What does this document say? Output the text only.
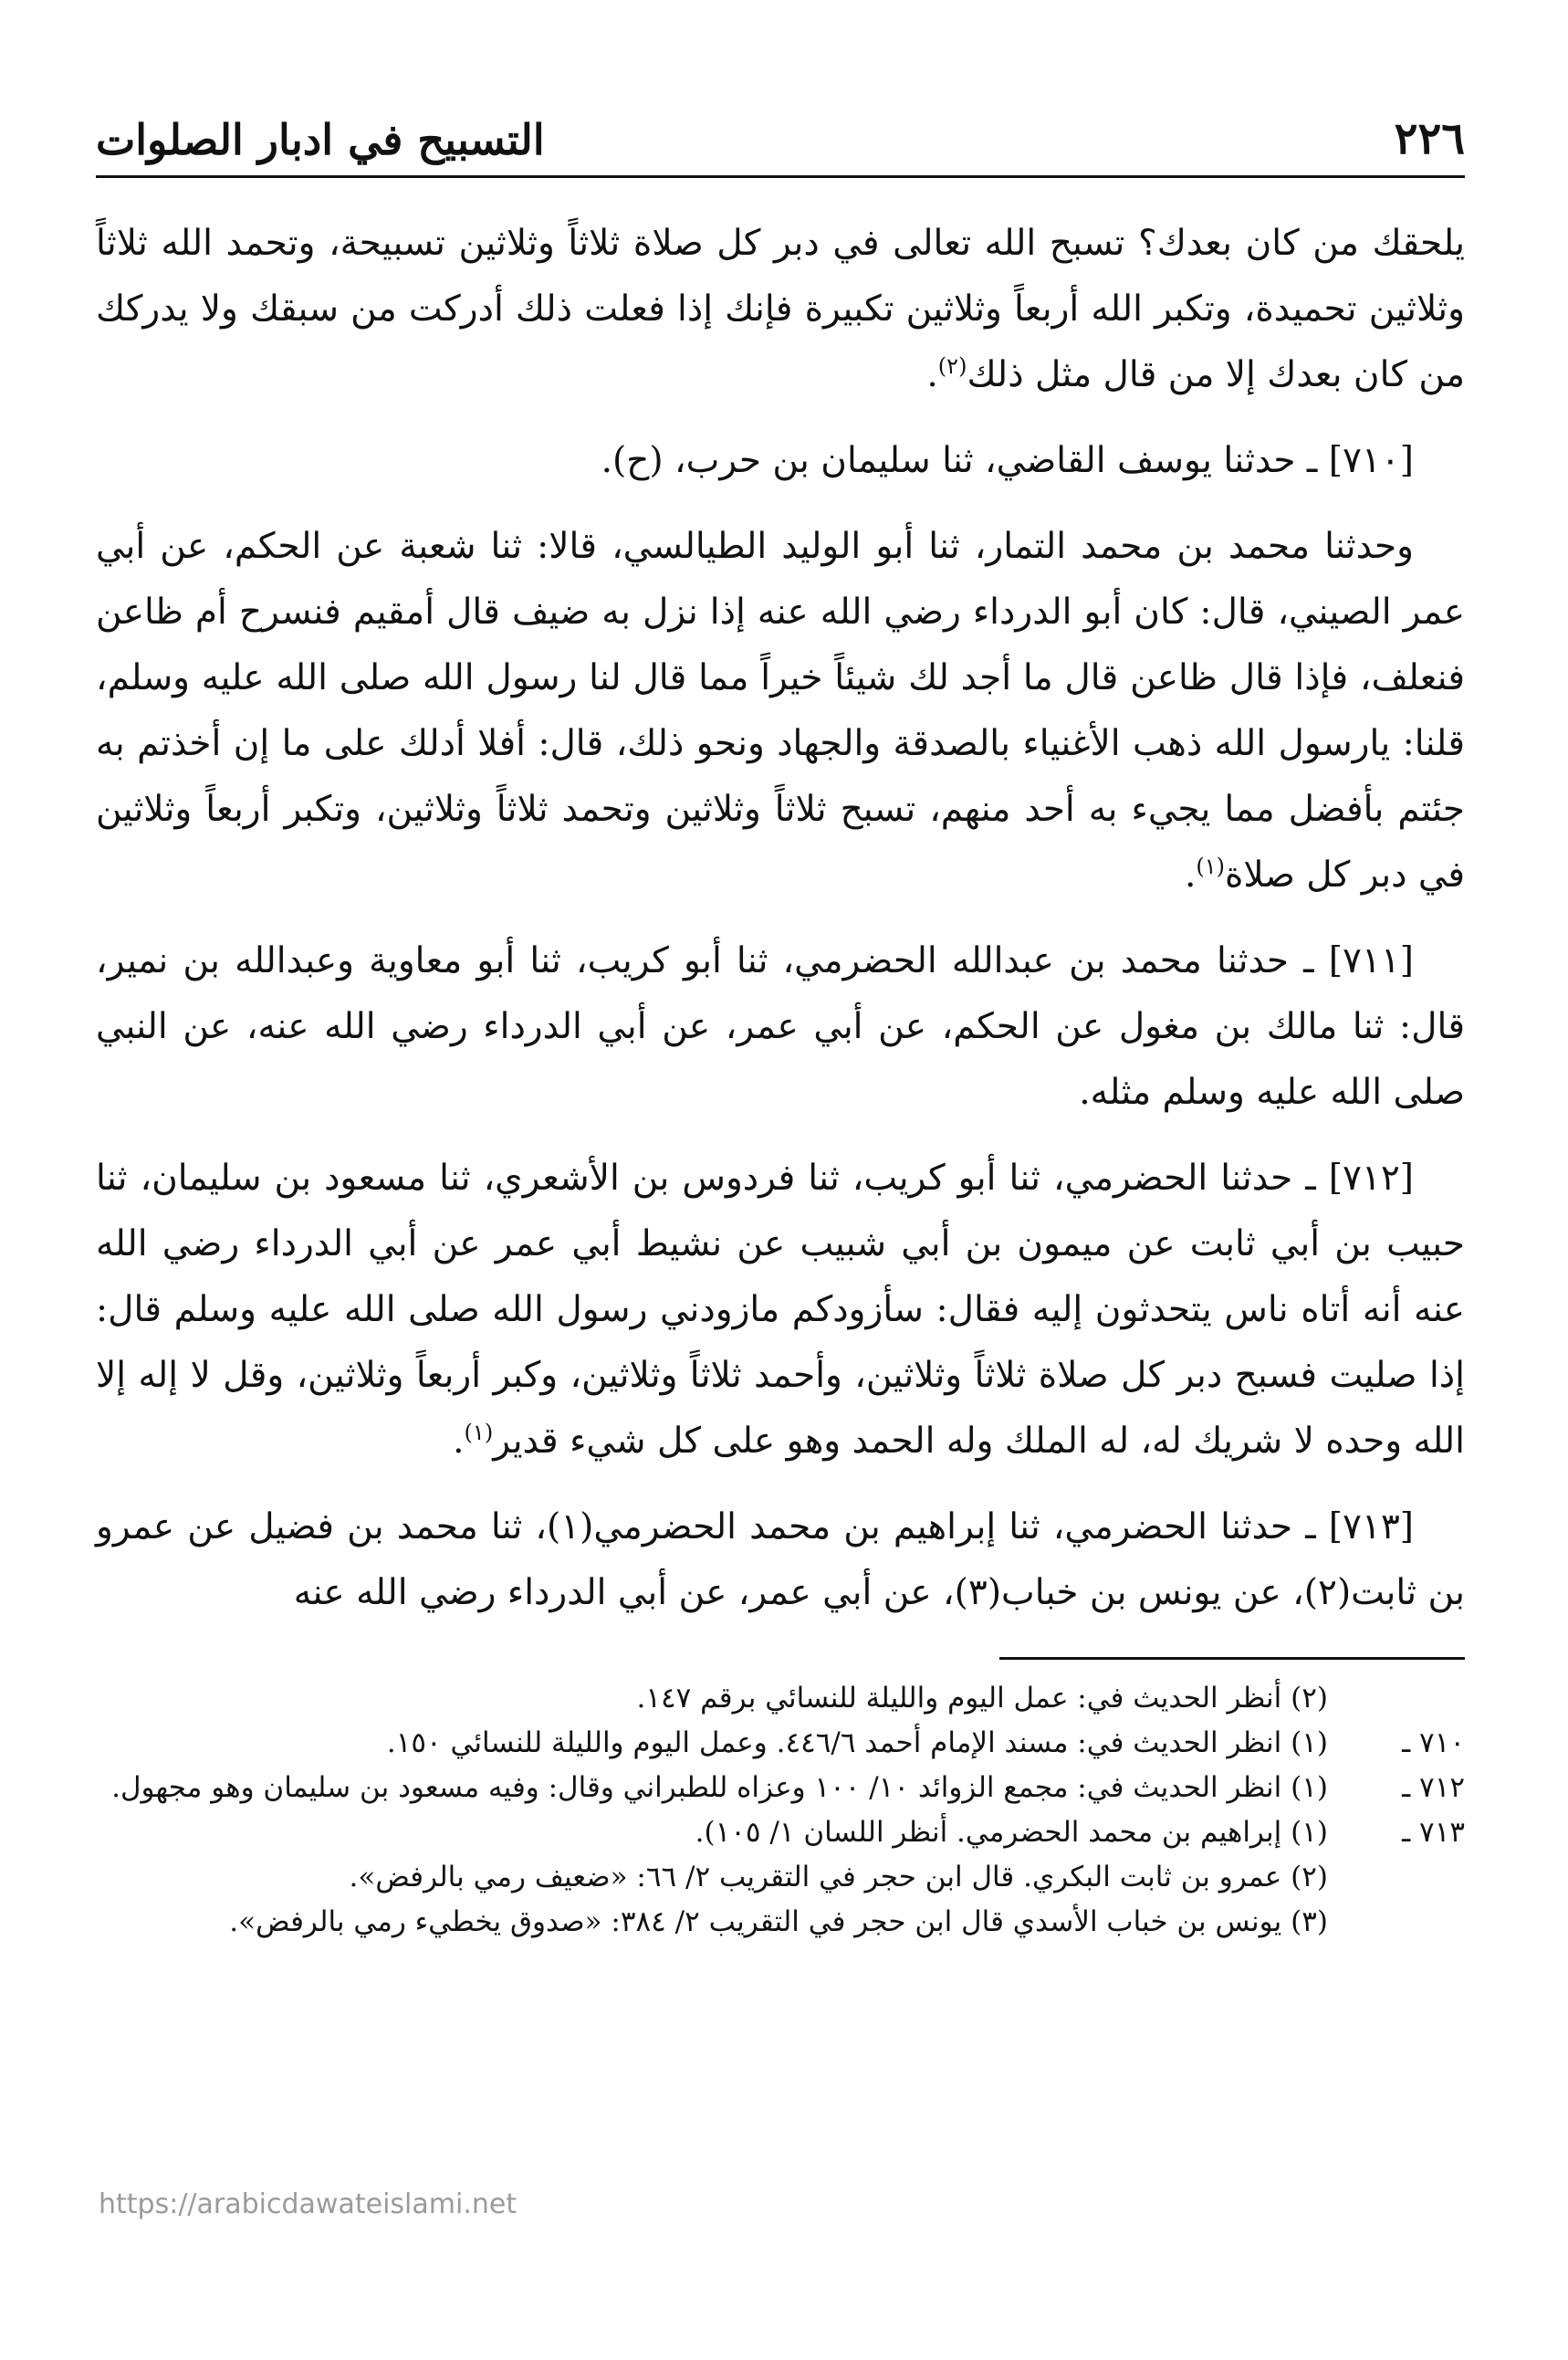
٢٢٦
التسبيح في ادبار الصلوات

يلحقك من كان بعدك؟ تسبح الله تعالى في دبر كل صلاة ثلاثاً وثلاثين تسبيحة، وتحمد الله ثلاثاً وثلاثين تحميدة، وتكبر الله أربعاً وثلاثين تكبيرة فإنك إذا فعلت ذلك أدركت من سبقك ولا يدركك من كان بعدك إلا من قال مثل ذلك$^{(٢)}$.

[٧١٠] ـ حدثنا يوسف القاضي، ثنا سليمان بن حرب، (ح).

وحدثنا محمد بن محمد التمار، ثنا أبو الوليد الطيالسي، قالا: ثنا شعبة عن الحكم، عن أبي عمر الصيني، قال: كان أبو الدرداء رضي الله عنه إذا نزل به ضيف قال أمقيم فنسرح أم ظاعن فنعلف، فإذا قال ظاعن قال ما أجد لك شيئاً خيراً مما قال لنا رسول الله صلى الله عليه وسلم، قلنا: يارسول الله ذهب الأغنياء بالصدقة والجهاد ونحو ذلك، قال: أفلا أدلك على ما إن أخذتم به جئتم بأفضل مما يجيء به أحد منهم، تسبح ثلاثاً وثلاثين وتحمد ثلاثاً وثلاثين، وتكبر أربعاً وثلاثين في دبر كل صلاة$^{(١)}$.

[٧١١] ـ حدثنا محمد بن عبدالله الحضرمي، ثنا أبو كريب، ثنا أبو معاوية وعبدالله بن نمير، قال: ثنا مالك بن مغول عن الحكم، عن أبي عمر، عن أبي الدرداء رضي الله عنه، عن النبي صلى الله عليه وسلم مثله.

[٧١٢] ـ حدثنا الحضرمي، ثنا أبو كريب، ثنا فردوس بن الأشعري، ثنا مسعود بن سليمان، ثنا حبيب بن أبي ثابت عن ميمون بن أبي شبيب عن نشيط أبي عمر عن أبي الدرداء رضي الله عنه أنه أتاه ناس يتحدثون إليه فقال: سأزودكم مازودني رسول الله صلى الله عليه وسلم قال: إذا صليت فسبح دبر كل صلاة ثلاثاً وثلاثين، وأحمد ثلاثاً وثلاثين، وكبر أربعاً وثلاثين، وقل لا إله إلا الله وحده لا شريك له، له الملك وله الحمد وهو على كل شيء قدير$^{(١)}$.

[٧١٣] ـ حدثنا الحضرمي، ثنا إبراهيم بن محمد الحضرمي(١)، ثنا محمد بن فضيل عن عمرو بن ثابت(٢)، عن يونس بن خباب(٣)، عن أبي عمر، عن أبي الدرداء رضي الله عنه

(٢) أنظر الحديث في: عمل اليوم والليلة للنسائي برقم ١٤٧.

٧١٠ ـ(١) انظر الحديث في: مسند الإمام أحمد ٤٤٦/٦. وعمل اليوم والليلة للنسائي ١٥٠.

٧١٢ ـ(١) انظر الحديث في: مجمع الزوائد ١٠/ ١٠٠ وعزاه للطبراني وقال: وفيه مسعود بن سليمان وهو مجهول.

٧١٣ ـ(١) إبراهيم بن محمد الحضرمي. أنظر اللسان ١/ ١٠٥).

(٢) عمرو بن ثابت البكري. قال ابن حجر في التقريب ٢/ ٦٦: «ضعيف رمي بالرفض».

(٣) يونس بن خباب الأسدي قال ابن حجر في التقريب ٢/ ٣٨٤: «صدوق يخطيء رمي بالرفض».

https://arabicdawateislami.net
